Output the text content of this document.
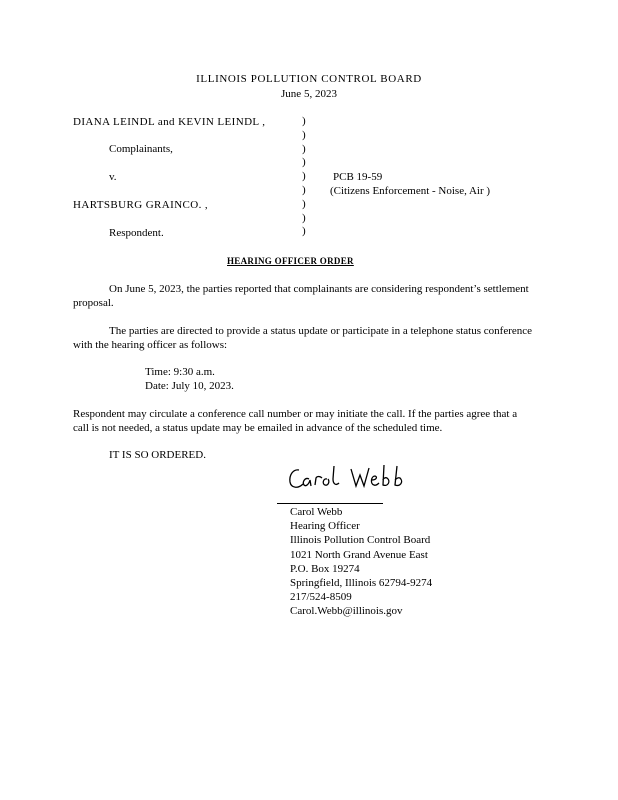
ILLINOIS POLLUTION CONTROL BOARD
June 5, 2023
DIANA LEINDL and KEVIN LEINDL ,
Complainants,
v.	PCB 19-59
(Citizens Enforcement - Noise, Air )
HARTSBURG GRAINCO. ,
Respondent.
)
)
)
)
)
)
)
)
)
HEARING OFFICER ORDER
On June 5, 2023, the parties reported that complainants are considering respondent’s settlement proposal.
The parties are directed to provide a status update or participate in a telephone status conference with the hearing officer as follows:
Time: 9:30 a.m.
Date: July 10, 2023.
Respondent may circulate a conference call number or may initiate the call. If the parties agree that a call is not needed, a status update may be emailed in advance of the scheduled time.
IT IS SO ORDERED.
Carol Webb
Hearing Officer
Illinois Pollution Control Board
1021 North Grand Avenue East
P.O. Box 19274
Springfield, Illinois 62794-9274
217/524-8509
Carol.Webb@illinois.gov
